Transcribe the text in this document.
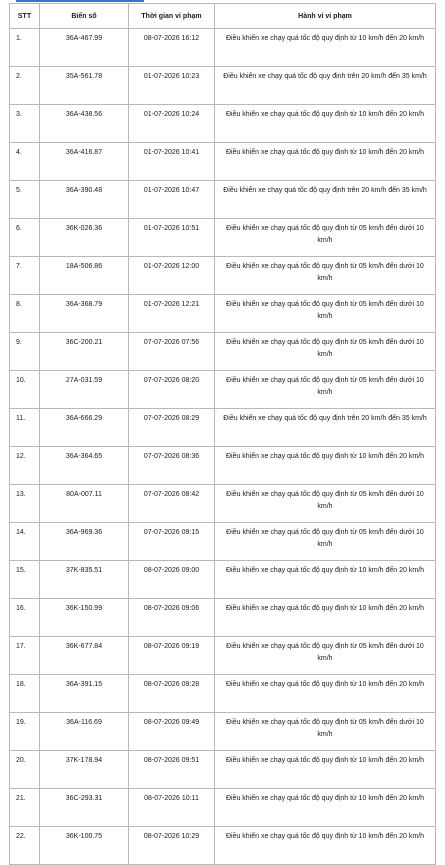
STT	Biển số	Thời gian vi phạm	Hành vi vi phạm
1.	36A-467.99	08-07-2026 16:12	Điều khiển xe chạy quá tốc độ quy định từ 10 km/h đến 20 km/h
2.	35A-561.78	01-07-2026 10:23	Điều khiển xe chạy quá tốc độ quy định trên 20 km/h đến 35 km/h
3.	36A-438.56	01-07-2026 10:24	Điều khiển xe chạy quá tốc độ quy định từ 10 km/h đến 20 km/h
4.	36A-416.87	01-07-2026 10:41	Điều khiển xe chạy quá tốc độ quy định từ 10 km/h đến 20 km/h
5.	36A-390.48	01-07-2026 10:47	Điều khiển xe chạy quá tốc độ quy định trên 20 km/h đến 35 km/h
6.	36K-026.36	01-07-2026 10:51	Điều khiển xe chạy quá tốc độ quy định từ 05 km/h đến dưới 10 km/h
7.	18A-506.86	01-07-2026 12:00	Điều khiển xe chạy quá tốc độ quy định từ 05 km/h đến dưới 10 km/h
8.	36A-368.79	01-07-2026 12:21	Điều khiển xe chạy quá tốc độ quy định từ 05 km/h đến dưới 10 km/h
9.	36C-200.21	07-07-2026 07:56	Điều khiển xe chạy quá tốc độ quy định từ 05 km/h đến dưới 10 km/h
10.	27A-031.59	07-07-2026 08:20	Điều khiển xe chạy quá tốc độ quy định từ 05 km/h đến dưới 10 km/h
11.	36A-666.29	07-07-2026 08:29	Điều khiển xe chạy quá tốc độ quy định trên 20 km/h đến 35 km/h
12.	36A-364.65	07-07-2026 08:36	Điều khiển xe chạy quá tốc độ quy định từ 10 km/h đến 20 km/h
13.	80A-007.11	07-07-2026 08:42	Điều khiển xe chạy quá tốc độ quy định từ 05 km/h đến dưới 10 km/h
14.	36A-969.36	07-07-2026 09:15	Điều khiển xe chạy quá tốc độ quy định từ 05 km/h đến dưới 10 km/h
15.	37K-835.51	08-07-2026 09:00	Điều khiển xe chạy quá tốc độ quy định từ 10 km/h đến 20 km/h
16.	36K-150.99	08-07-2026 09:06	Điều khiển xe chạy quá tốc độ quy định từ 10 km/h đến 20 km/h
17.	36K-677.84	08-07-2026 09:19	Điều khiển xe chạy quá tốc độ quy định từ 05 km/h đến dưới 10 km/h
18.	36A-391.15	08-07-2026 09:28	Điều khiển xe chạy quá tốc độ quy định từ 10 km/h đến 20 km/h
19.	36A-116.69	08-07-2026 09:49	Điều khiển xe chạy quá tốc độ quy định từ 05 km/h đến dưới 10 km/h
20.	37K-178.94	08-07-2026 09:51	Điều khiển xe chạy quá tốc độ quy định từ 10 km/h đến 20 km/h
21.	36C-293.31	08-07-2026 10:11	Điều khiển xe chạy quá tốc độ quy định từ 10 km/h đến 20 km/h
22.	36K-100.75	08-07-2026 10:29	Điều khiển xe chạy quá tốc độ quy định từ 10 km/h đến 20 km/h
